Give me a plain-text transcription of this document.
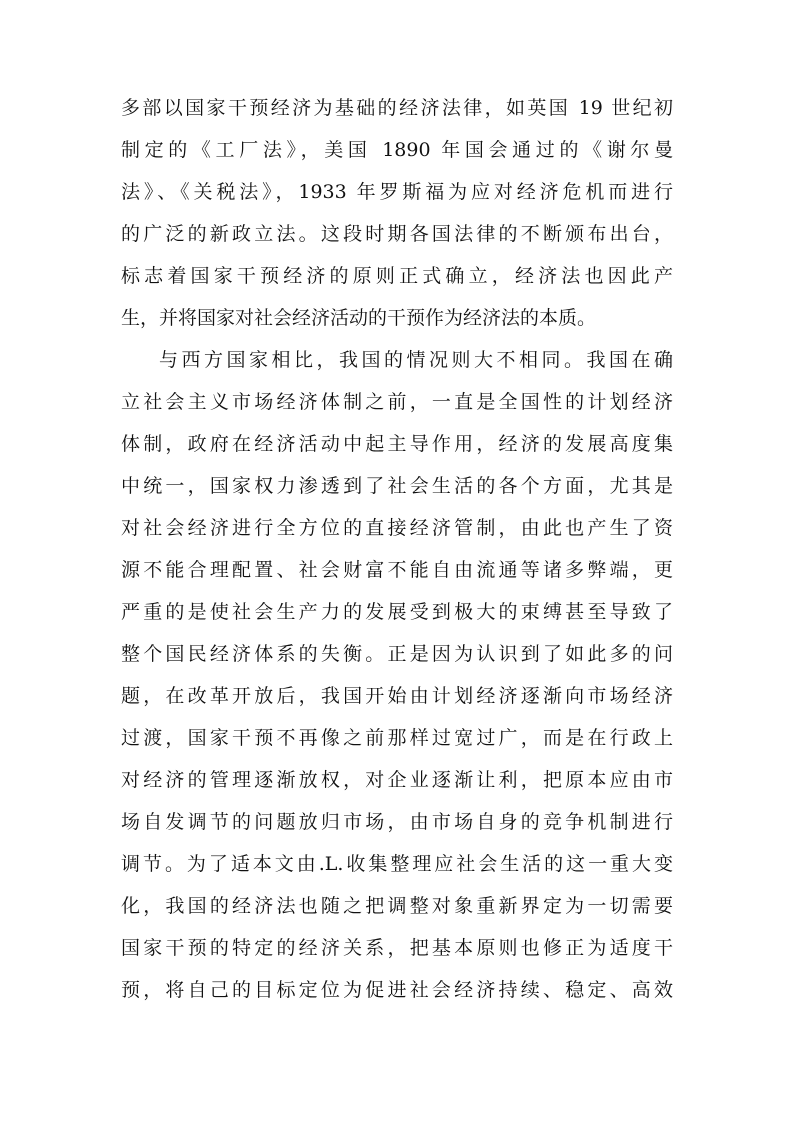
多部以国家干预经济为基础的经济法律，如英国 19 世纪初
制定的《工厂法》，美国 1890 年国会通过的《谢尔曼
法》、《关税法》，1933 年罗斯福为应对经济危机而进行
的广泛的新政立法。这段时期各国法律的不断颁布出台，
标志着国家干预经济的原则正式确立，经济法也因此产
生，并将国家对社会经济活动的干预作为经济法的本质。
与西方国家相比，我国的情况则大不相同。我国在确
立社会主义市场经济体制之前，一直是全国性的计划经济
体制，政府在经济活动中起主导作用，经济的发展高度集
中统一，国家权力渗透到了社会生活的各个方面，尤其是
对社会经济进行全方位的直接经济管制，由此也产生了资
源不能合理配置、社会财富不能自由流通等诸多弊端，更
严重的是使社会生产力的发展受到极大的束缚甚至导致了
整个国民经济体系的失衡。正是因为认识到了如此多的问
题，在改革开放后，我国开始由计划经济逐渐向市场经济
过渡，国家干预不再像之前那样过宽过广，而是在行政上
对经济的管理逐渐放权，对企业逐渐让利，把原本应由市
场自发调节的问题放归市场，由市场自身的竞争机制进行
调节。为了适本文由.L.收集整理应社会生活的这一重大变
化，我国的经济法也随之把调整对象重新界定为一切需要
国家干预的特定的经济关系，把基本原则也修正为适度干
预，将自己的目标定位为促进社会经济持续、稳定、高效
